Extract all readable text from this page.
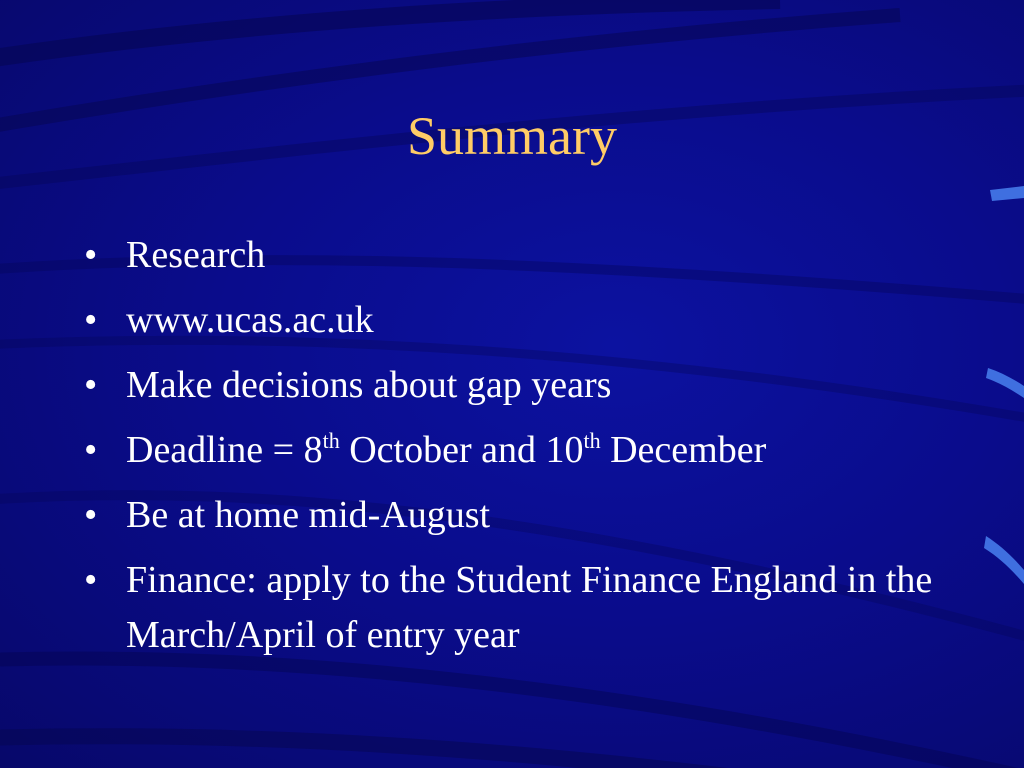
Summary
• Research
• www.ucas.ac.uk
• Make decisions about gap years
• Deadline = 8th October and 10th December
• Be at home mid-August
• Finance: apply to the Student Finance England in the March/April of entry year
